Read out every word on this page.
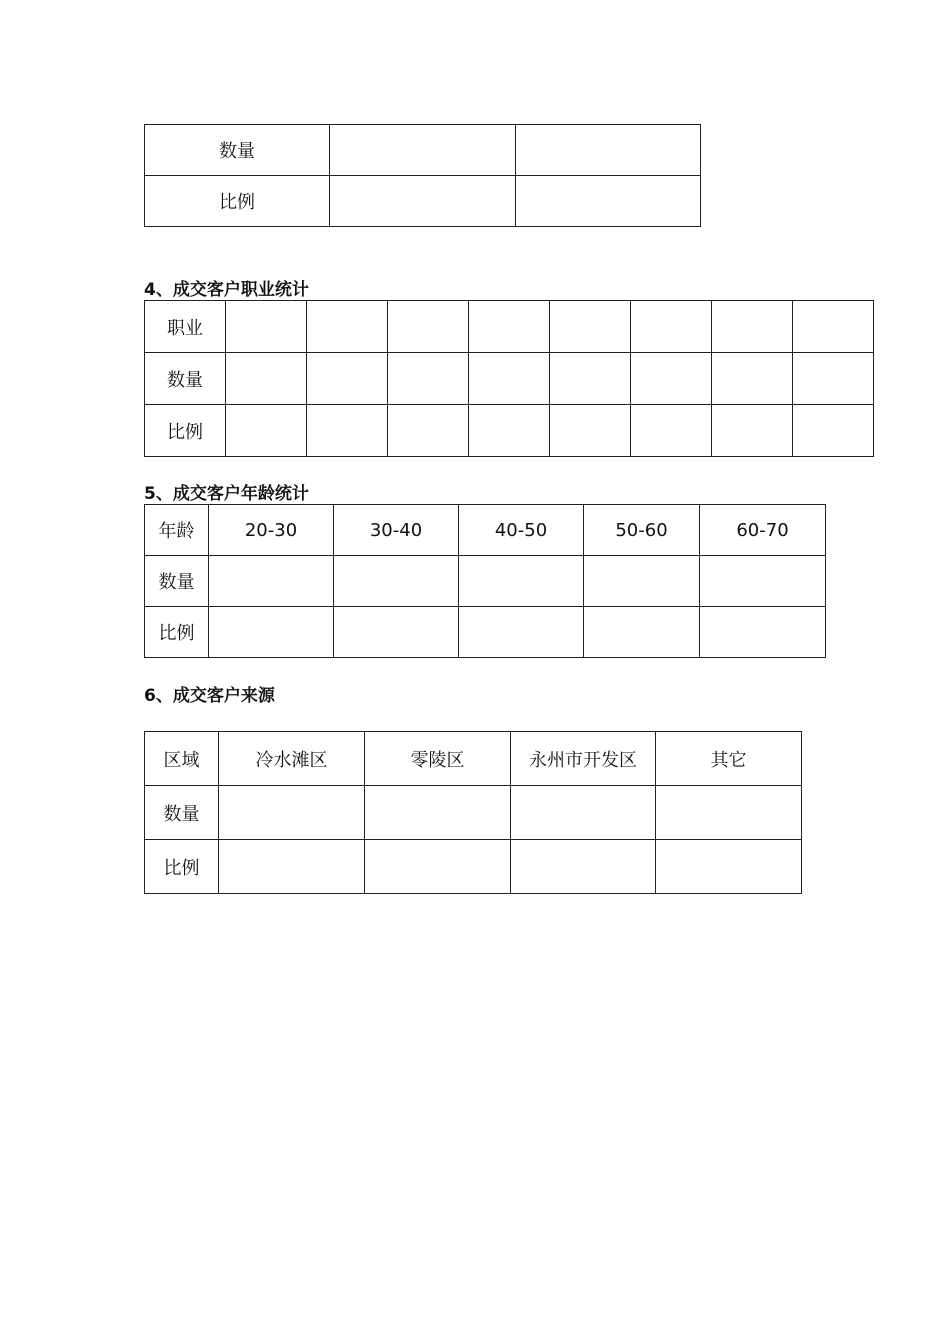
数量		
比例		
4、成交客户职业统计
职业								
数量								
比例								
5、成交客户年龄统计
年龄	20-30	30-40	40-50	50-60	60-70
数量					
比例					
6、成交客户来源
区域	冷水滩区	零陵区	永州市开发区	其它
数量				
比例				
